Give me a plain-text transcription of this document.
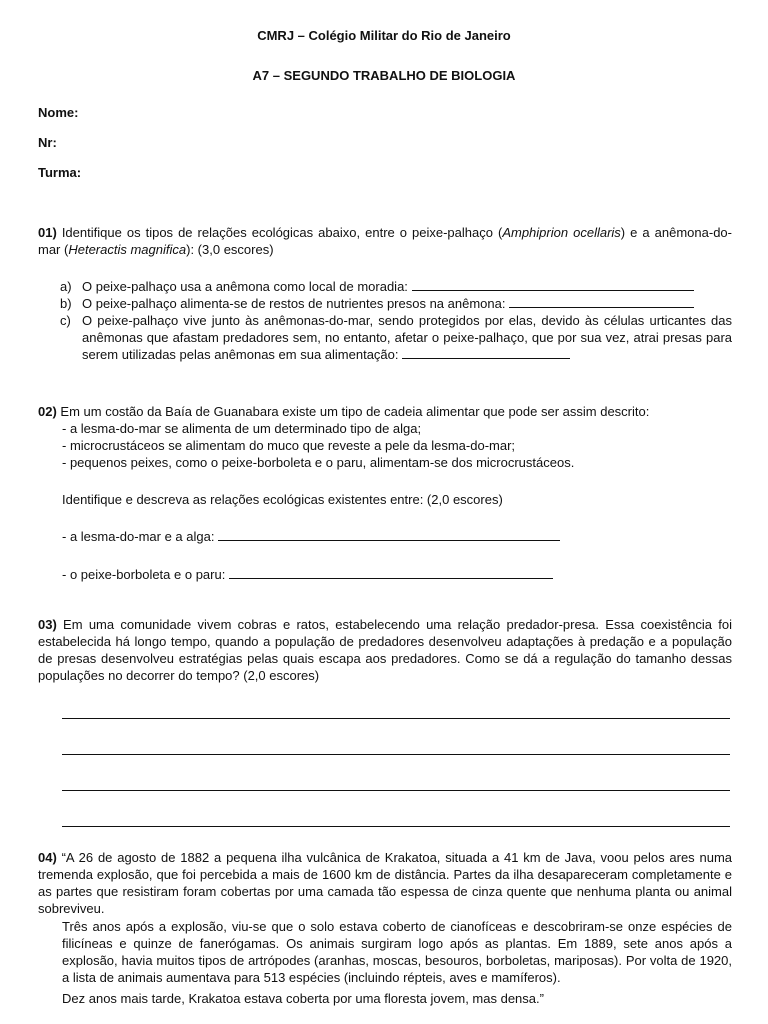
CMRJ – Colégio Militar do Rio de Janeiro
A7 – SEGUNDO TRABALHO DE BIOLOGIA
Nome:
Nr:
Turma:
01) Identifique os tipos de relações ecológicas abaixo, entre o peixe-palhaço (Amphiprion ocellaris) e a anêmona-do-mar (Heteractis magnifica): (3,0 escores)
a) O peixe-palhaço usa a anêmona como local de moradia:
b) O peixe-palhaço alimenta-se de restos de nutrientes presos na anêmona:
c) O peixe-palhaço vive junto às anêmonas-do-mar, sendo protegidos por elas, devido às células urticantes das anêmonas que afastam predadores sem, no entanto, afetar o peixe-palhaço, que por sua vez, atrai presas para serem utilizadas pelas anêmonas em sua alimentação:
02) Em um costão da Baía de Guanabara existe um tipo de cadeia alimentar que pode ser assim descrito:

- a lesma-do-mar se alimenta de um determinado tipo de alga;

- microcrustáceos se alimentam do muco que reveste a pele da lesma-do-mar;

- pequenos peixes, como o peixe-borboleta e o paru, alimentam-se dos microcrustáceos.

Identifique e descreva as relações ecológicas existentes entre: (2,0 escores)
- a lesma-do-mar e a alga:
- o peixe-borboleta e o paru:
03) Em uma comunidade vivem cobras e ratos, estabelecendo uma relação predador-presa. Essa coexistência foi estabelecida há longo tempo, quando a população de predadores desenvolveu adaptações à predação e a população de presas desenvolveu estratégias pelas quais escapa aos predadores. Como se dá a regulação do tamanho dessas populações no decorrer do tempo? (2,0 escores)
04) “A 26 de agosto de 1882 a pequena ilha vulcânica de Krakatoa, situada a 41 km de Java, voou pelos ares numa tremenda explosão, que foi percebida a mais de 1600 km de distância. Partes da ilha desapareceram completamente e as partes que resistiram foram cobertas por uma camada tão espessa de cinza quente que nenhuma planta ou animal sobreviveu.
Três anos após a explosão, viu-se que o solo estava coberto de cianofíceas e descobriram-se onze espécies de filicíneas e quinze de fanerógamas. Os animais surgiram logo após as plantas. Em 1889, sete anos após a explosão, havia muitos tipos de artrópodes (aranhas, moscas, besouros, borboletas, mariposas). Por volta de 1920, a lista de animais aumentava para 513 espécies (incluindo répteis, aves e mamíferos).
Dez anos mais tarde, Krakatoa estava coberta por uma floresta jovem, mas densa.”
